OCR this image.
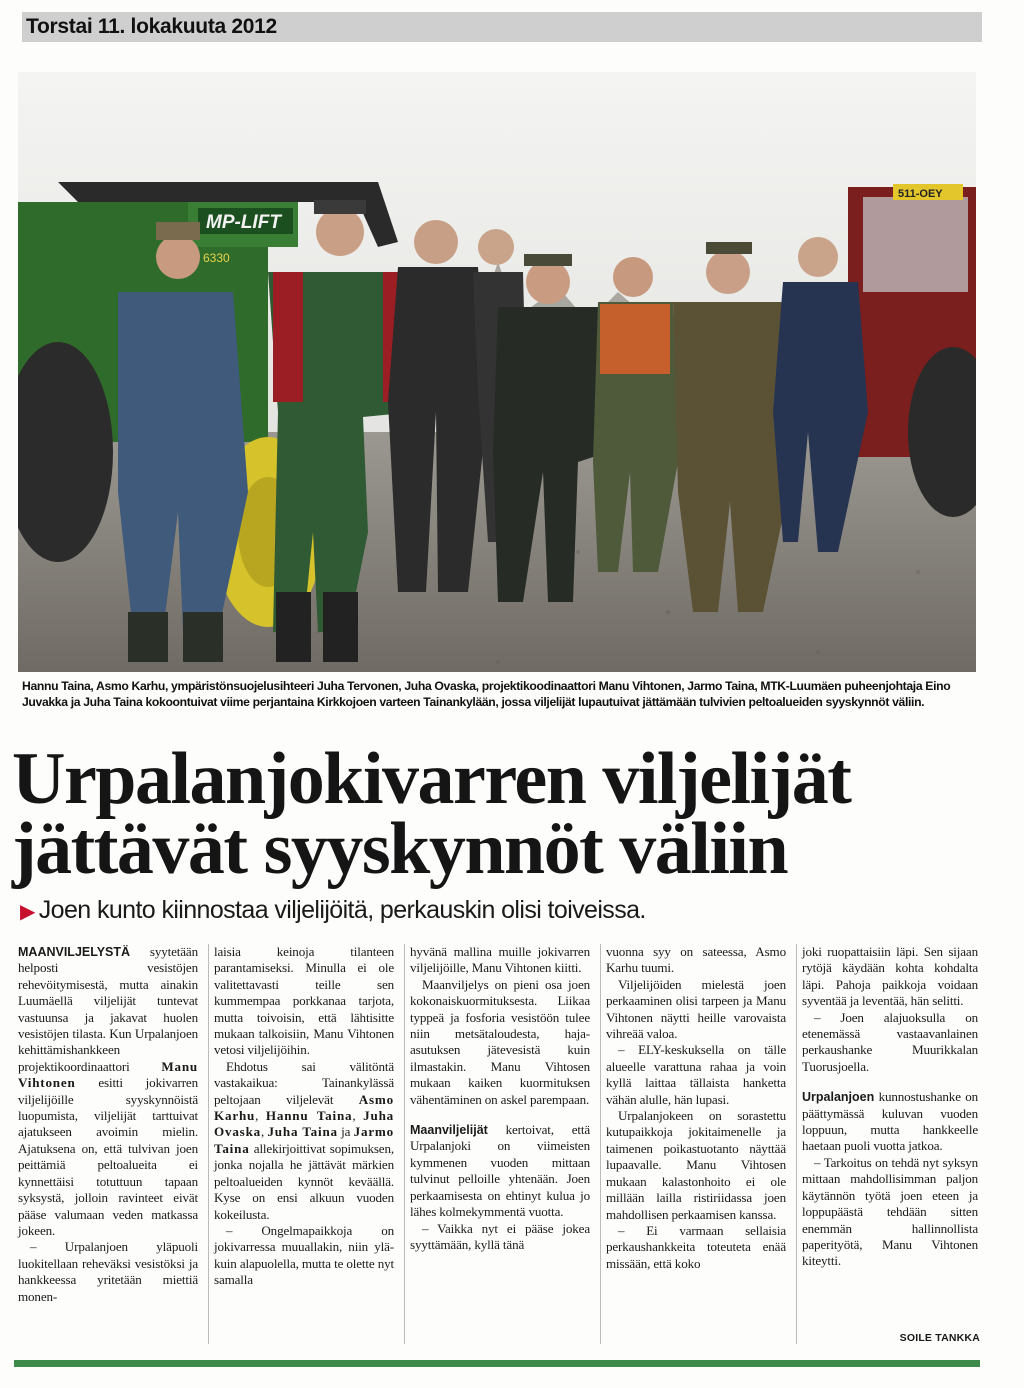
Torstai 11. lokakuuta 2012
MP-LIFT
6330
511-OEY
Hannu Taina, Asmo Karhu, ympäristönsuojelusihteeri Juha Tervonen, Juha Ovaska, projektikoodinaattori Manu Vihtonen, Jarmo Taina, MTK-Luumäen puheenjohtaja Eino Juvakka ja Juha Taina kokoontuivat viime perjantaina Kirkkojoen varteen Tainankylään, jossa viljelijät lupautuivat jättämään tulvivien peltoalueiden syyskynnöt väliin.
Urpalanjokivarren viljelijät
jättävät syyskynnöt väliin
▶ Joen kunto kiinnostaa viljelijöitä, perkauskin olisi toiveissa.

MAANVILJELYSTÄ syytetään helposti vesistöjen rehevöitymisestä, mutta ainakin Luumäellä viljelijät tuntevat vastuunsa ja jakavat huolen vesistöjen tilasta. Kun Urpalanjoen kehittämishankkeen projektikoordinaattori Manu Vihtonen esitti jokivarren viljelijöille syyskynnöistä luopumista, viljelijät tarttuivat ajatukseen avoimin mielin. Ajatuksena on, että tulvivan joen peittämiä peltoalueita ei kynnettäisi totuttuun tapaan syksystä, jolloin ravinteet eivät pääse valumaan veden matkassa jokeen.

– Urpalanjoen yläpuoli luokitellaan reheväksi vesistöksi ja hankkeessa yritetään miettiä monen-

laisia keinoja tilanteen parantamiseksi. Minulla ei ole valitettavasti teille sen kummempaa porkkanaa tarjota, mutta toivoisin, että lähtisitte mukaan talkoisiin, Manu Vihtonen vetosi viljelijöihin.

Ehdotus sai välitöntä vastakaikua: Tainankylässä peltojaan viljelevät Asmo Karhu, Hannu Taina, Juha Ovaska, Juha Taina ja Jarmo Taina allekirjoittivat sopimuksen, jonka nojalla he jättävät märkien peltoalueiden kynnöt keväällä. Kyse on ensi alkuun vuoden kokeilusta.

– Ongelmapaikkoja on jokivarressa muuallakin, niin ylä- kuin alapuolella, mutta te olette nyt samalla

hyvänä mallina muille jokivarren viljelijöille, Manu Vihtonen kiitti.

Maanviljelys on pieni osa joen kokonaiskuormituksesta. Liikaa typpeä ja fosforia vesistöön tulee niin metsätaloudesta, haja-asutuksen jätevesistä kuin ilmastakin. Manu Vihtosen mukaan kaiken kuormituksen vähentäminen on askel parempaan.

Maanviljelijät kertoivat, että Urpalanjoki on viimeisten kymmenen vuoden mittaan tulvinut pelloille yhtenään. Joen perkaamisesta on ehtinyt kulua jo lähes kolmekymmentä vuotta.

– Vaikka nyt ei pääse jokea syyttämään, kyllä tänä

vuonna syy on sateessa, Asmo Karhu tuumi.

Viljelijöiden mielestä joen perkaaminen olisi tarpeen ja Manu Vihtonen näytti heille varovaista vihreää valoa.

– ELY-keskuksella on tälle alueelle varattuna rahaa ja voin kyllä laittaa tällaista hanketta vähän alulle, hän lupasi.

Urpalanjokeen on sorastettu kutupaikkoja jokitaimenelle ja taimenen poikastuotanto näyttää lupaavalle. Manu Vihtosen mukaan kalastonhoito ei ole millään lailla ristiriidassa joen mahdollisen perkaamisen kanssa.

– Ei varmaan sellaisia perkaushankkeita toteuteta enää missään, että koko

joki ruopattaisiin läpi. Sen sijaan rytöjä käydään kohta kohdalta läpi. Pahoja paikkoja voidaan syventää ja leventää, hän selitti.

– Joen alajuoksulla on etenemässä vastaavanlainen perkaushanke Muurikkalan Tuorusjoella.

Urpalanjoen kunnostushanke on päättymässä kuluvan vuoden loppuun, mutta hankkeelle haetaan puoli vuotta jatkoa.

– Tarkoitus on tehdä nyt syksyn mittaan mahdollisimman paljon käytännön työtä joen eteen ja loppupäästä tehdään sitten enemmän hallinnollista paperityötä, Manu Vihtonen kiteytti.

SOILE TANKKA
